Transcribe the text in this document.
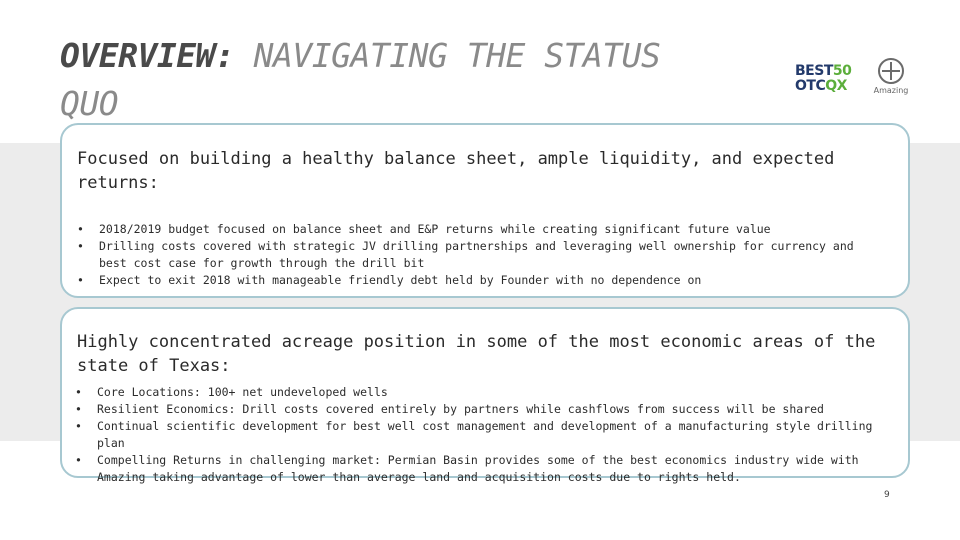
OVERVIEW: NAVIGATING THE STATUS QUO
BEST50
OTCQX	Amazing
Focused on building a healthy balance sheet, ample liquidity, and expected returns:
• 2018/2019 budget focused on balance sheet and E&P returns while creating significant future value
• Drilling costs covered with strategic JV drilling partnerships and leveraging well ownership for currency and best cost case for growth through the drill bit
• Expect to exit 2018 with manageable friendly debt held by Founder with no dependence on
Highly concentrated acreage position in some of the most economic areas of the state of Texas:
• Core Locations: 100+ net undeveloped wells
• Resilient Economics: Drill costs covered entirely by partners while cashflows from success will be shared
• Continual scientific development for best well cost management and development of a manufacturing style drilling plan
• Compelling Returns in challenging market: Permian Basin provides some of the best economics industry wide with Amazing taking advantage of lower than average land and acquisition costs due to rights held.
9
